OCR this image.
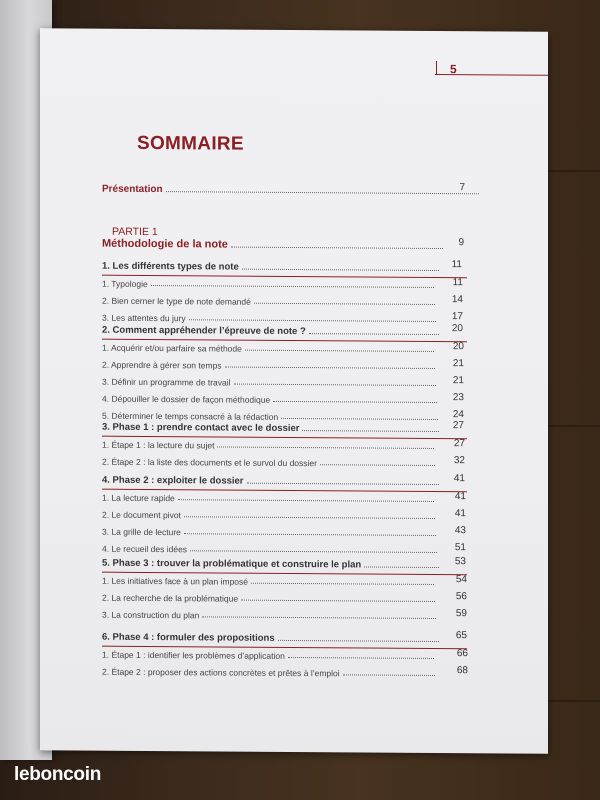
5
SOMMAIRE
Présentation	7
PARTIE 1
Méthodologie de la note	9
1. Les différents types de note	11
1. Typologie	11
2. Bien cerner le type de note demandé	14
3. Les attentes du jury	17
2. Comment appréhender l’épreuve de note ?	20
1. Acquérir et/ou parfaire sa méthode	20
2. Apprendre à gérer son temps	21
3. Définir un programme de travail	21
4. Dépouiller le dossier de façon méthodique	23
5. Déterminer le temps consacré à la rédaction	24
3. Phase 1 : prendre contact avec le dossier	27
1. Étape 1 : la lecture du sujet	27
2. Étape 2 : la liste des documents et le survol du dossier	32
4. Phase 2 : exploiter le dossier	41
1. La lecture rapide	41
2. Le document pivot	41
3. La grille de lecture	43
4. Le recueil des idées	51
5. Phase 3 : trouver la problématique et construire le plan	53
1. Les initiatives face à un plan imposé	54
2. La recherche de la problématique	56
3. La construction du plan	59
6. Phase 4 : formuler des propositions	65
1. Étape 1 : identifier les problèmes d’application	66
2. Étape 2 : proposer des actions concrètes et prêtes à l’emploi	68
leboncoin
